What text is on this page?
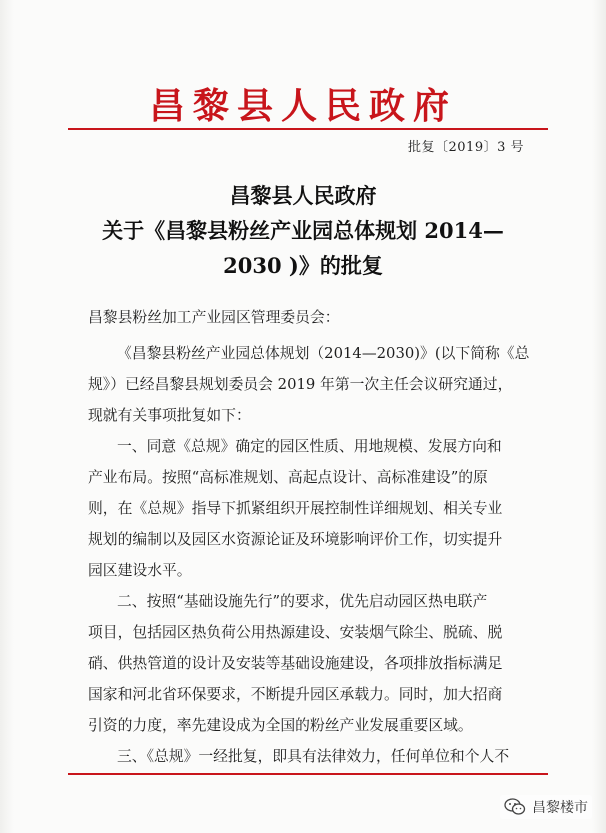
昌黎县人民政府
批复〔2019〕3 号
昌黎县人民政府
关于《昌黎县粉丝产业园总体规划 2014—
2030 )》的批复
昌黎县粉丝加工产业园区管理委员会：
《昌黎县粉丝产业园总体规划（2014—2030)》(以下简称《总
规》）已经昌黎县规划委员会 2019 年第一次主任会议研究通过，
现就有关事项批复如下：
一、同意《总规》确定的园区性质、用地规模、发展方向和
产业布局。按照“高标准规划、高起点设计、高标准建设”的原
则，在《总规》指导下抓紧组织开展控制性详细规划、相关专业
规划的编制以及园区水资源论证及环境影响评价工作，切实提升
园区建设水平。
二、按照“基础设施先行”的要求，优先启动园区热电联产
项目，包括园区热负荷公用热源建设、安装烟气除尘、脱硫、脱
硝、供热管道的设计及安装等基础设施建设，各项排放指标满足
国家和河北省环保要求，不断提升园区承载力。同时，加大招商
引资的力度，率先建设成为全国的粉丝产业发展重要区域。
三、《总规》一经批复，即具有法律效力，任何单位和个人不
昌黎楼市
